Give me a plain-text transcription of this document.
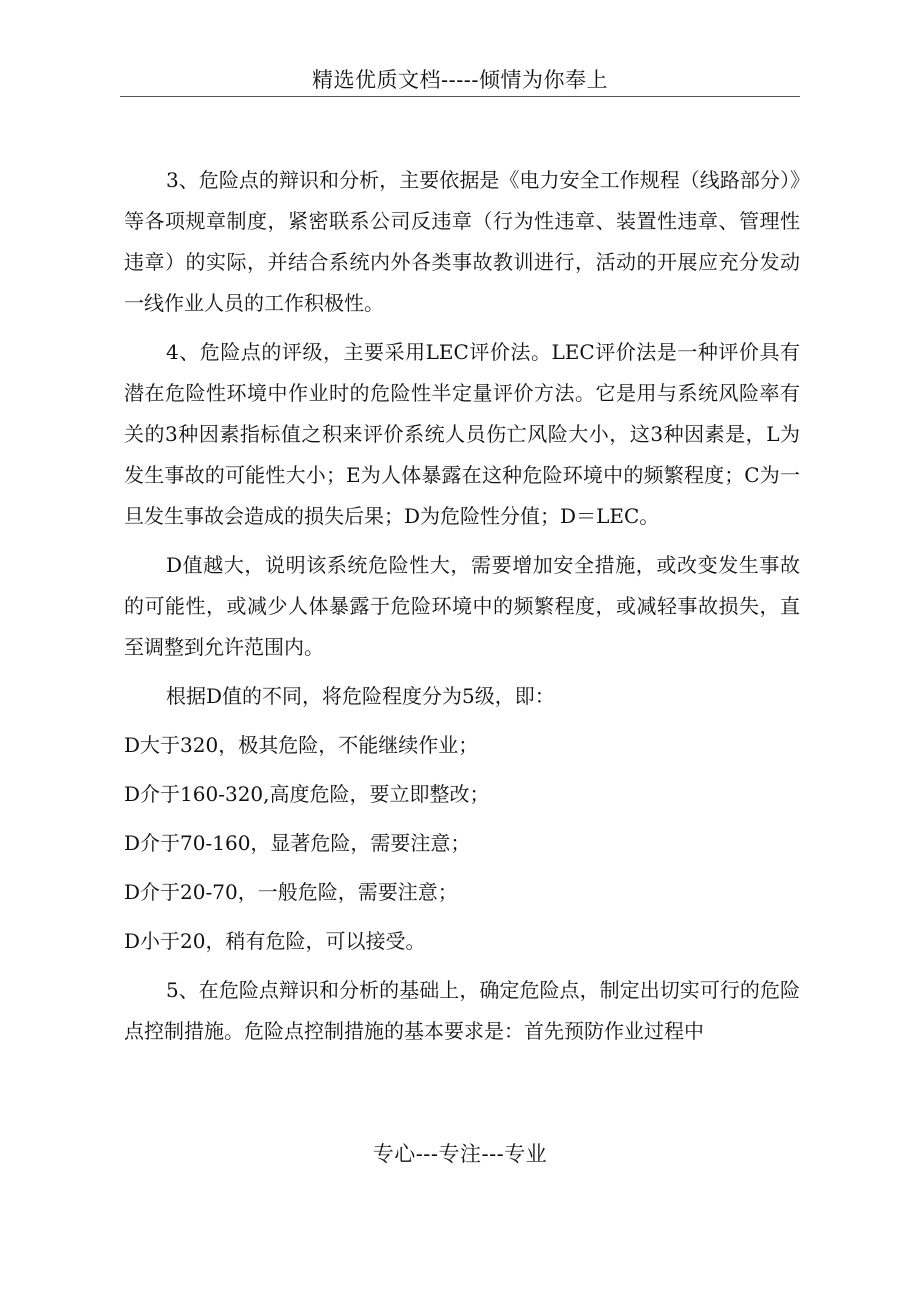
精选优质文档-----倾情为你奉上

3、危险点的辩识和分析，主要依据是《电力安全工作规程（线路部分）》等各项规章制度，紧密联系公司反违章（行为性违章、装置性违章、管理性违章）的实际，并结合系统内外各类事故教训进行，活动的开展应充分发动一线作业人员的工作积极性。

4、危险点的评级，主要采用LEC评价法。LEC评价法是一种评价具有潜在危险性环境中作业时的危险性半定量评价方法。它是用与系统风险率有关的3种因素指标值之积来评价系统人员伤亡风险大小，这3种因素是，L为发生事故的可能性大小；E为人体暴露在这种危险环境中的频繁程度；C为一旦发生事故会造成的损失后果；D为危险性分值；D＝LEC。

D值越大，说明该系统危险性大，需要增加安全措施，或改变发生事故的可能性，或减少人体暴露于危险环境中的频繁程度，或减轻事故损失，直至调整到允许范围内。

根据D值的不同，将危险程度分为5级，即：

D大于320，极其危险，不能继续作业；

D介于160-320,高度危险，要立即整改；

D介于70-160，显著危险，需要注意；

D介于20-70，一般危险，需要注意；

D小于20，稍有危险，可以接受。

5、在危险点辩识和分析的基础上，确定危险点，制定出切实可行的危险点控制措施。危险点控制措施的基本要求是：首先预防作业过程中

专心---专注---专业
